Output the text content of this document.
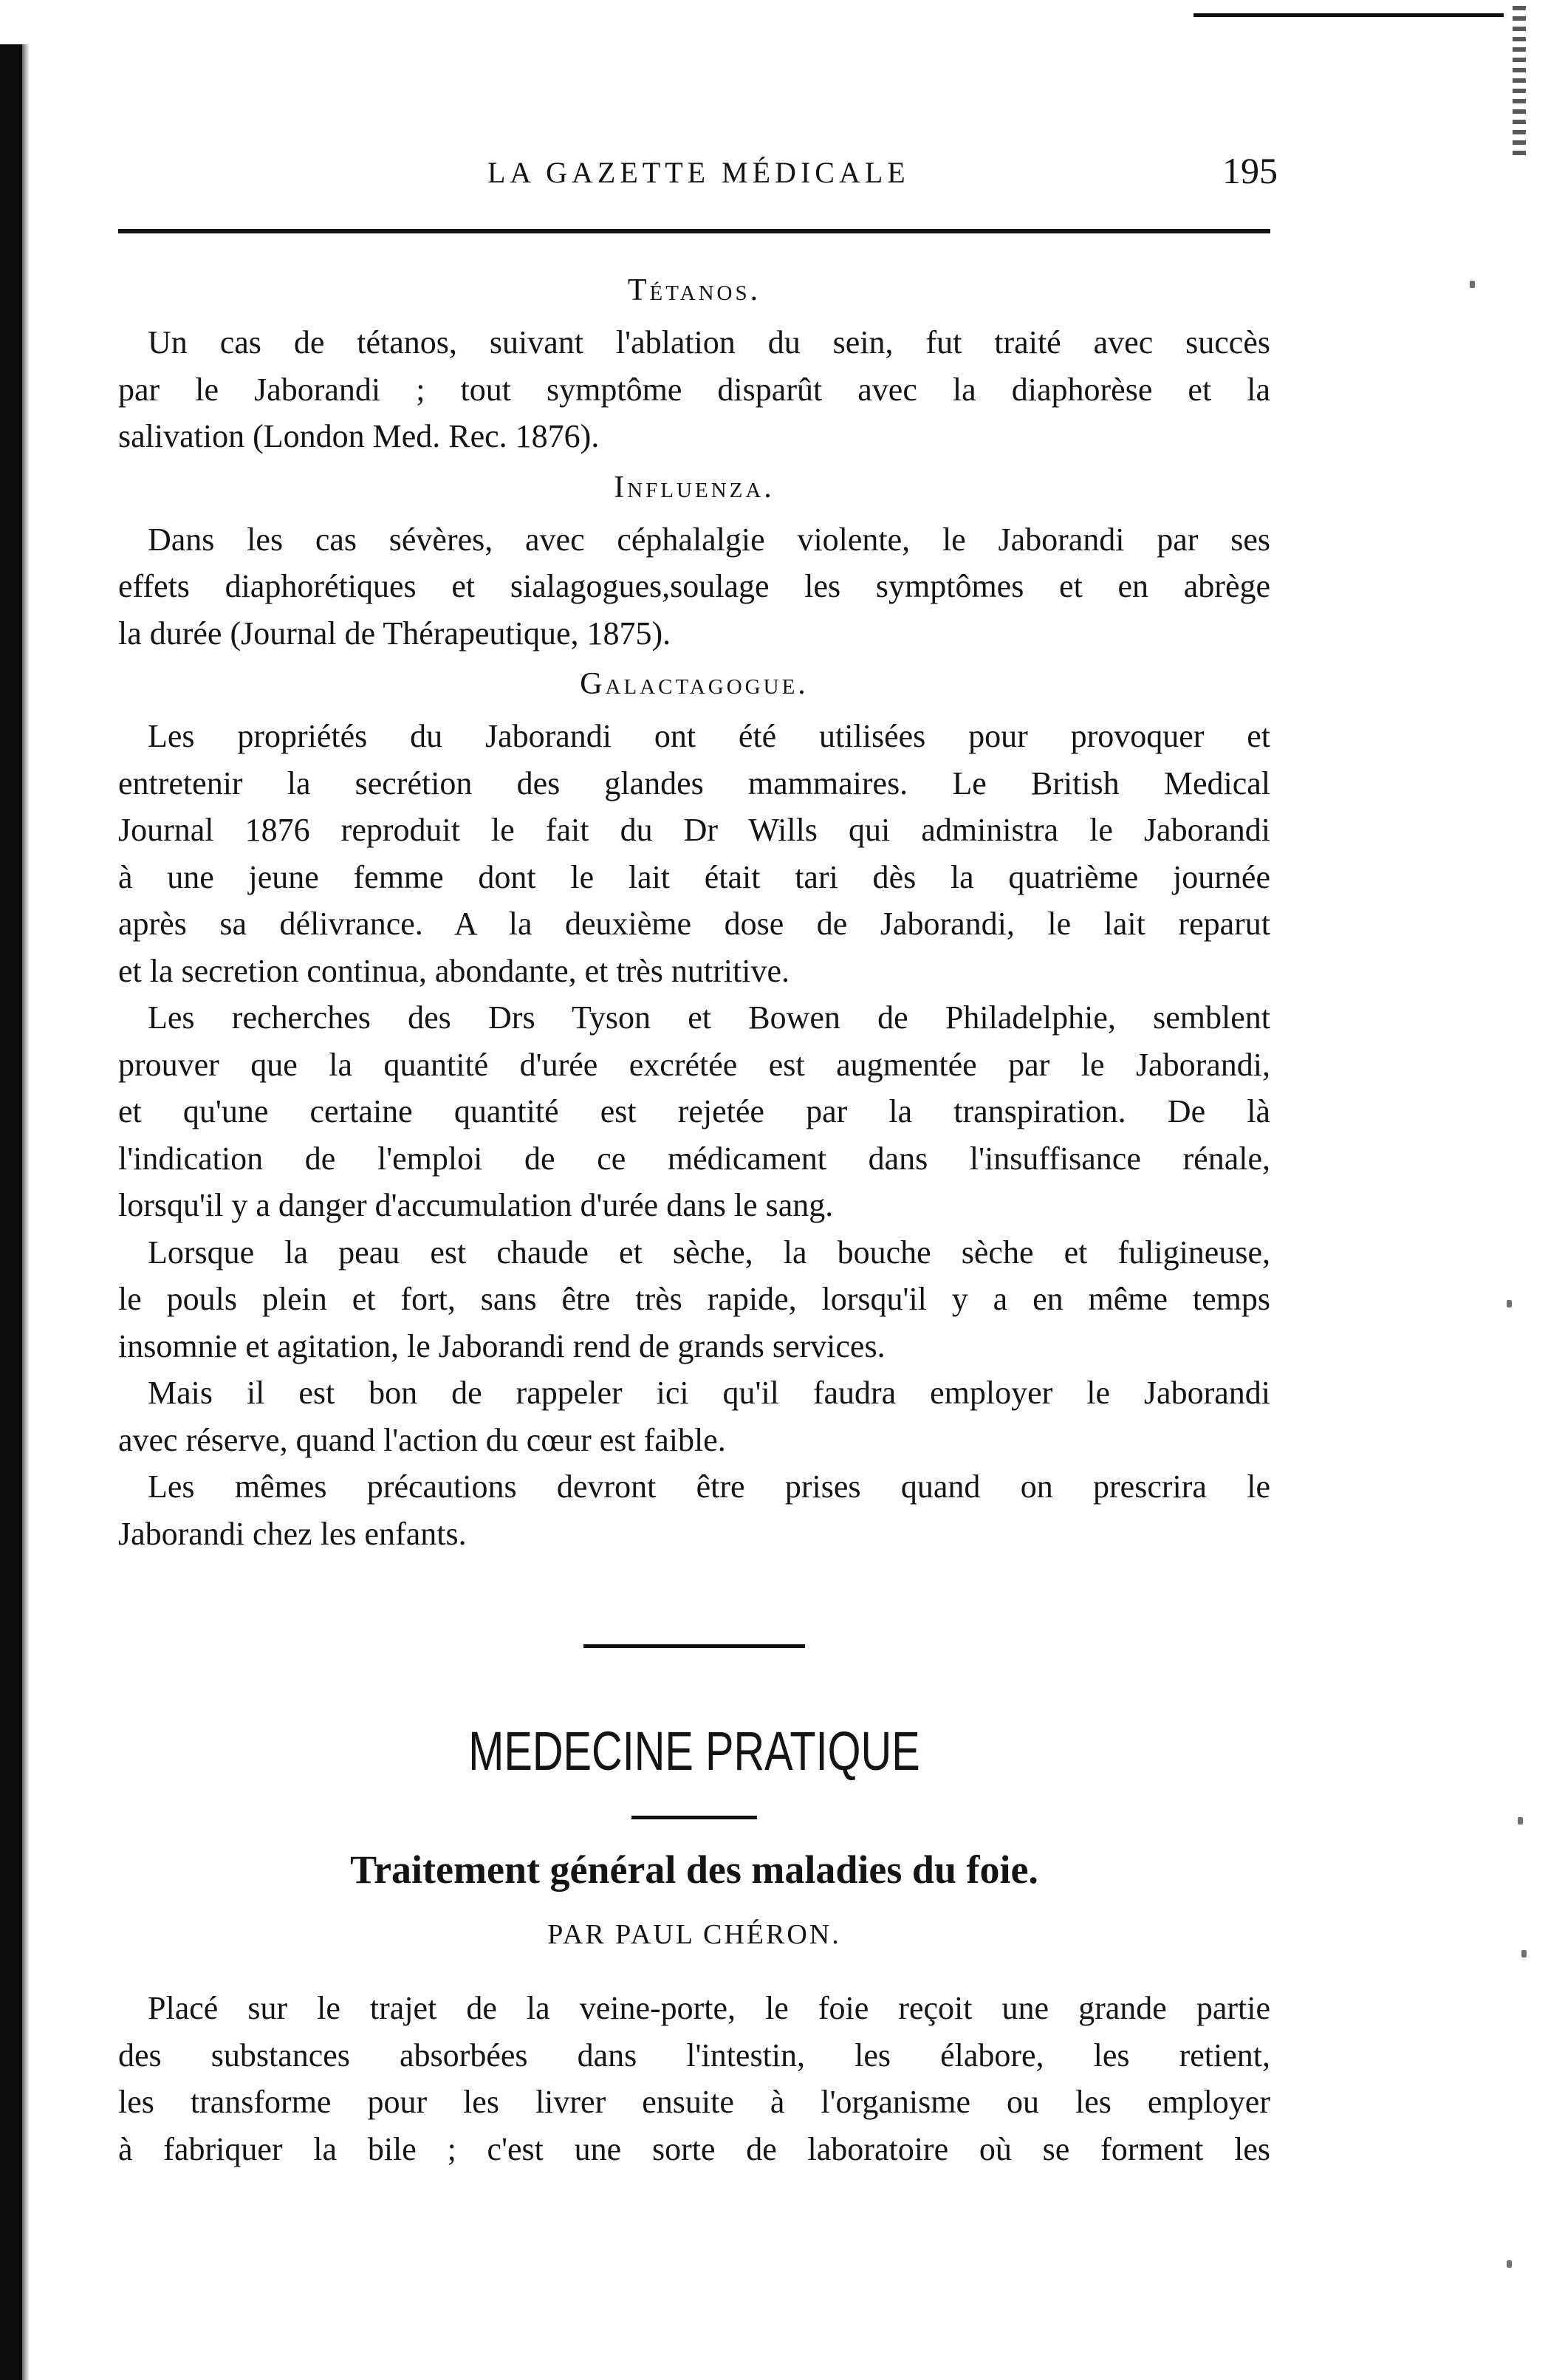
LA GAZETTE MÉDICALE	195
Tétanos.
Un cas de tétanos, suivant l'ablation du sein, fut traité avec succès
par le Jaborandi ; tout symptôme disparût avec la diaphorèse et la
salivation (London Med. Rec. 1876).
Influenza.
Dans les cas sévères, avec céphalalgie violente, le Jaborandi par ses
effets diaphorétiques et sialagogues,soulage les symptômes et en abrège
la durée (Journal de Thérapeutique, 1875).
Galactagogue.
Les propriétés du Jaborandi ont été utilisées pour provoquer et
entretenir la secrétion des glandes mammaires. Le British Medical
Journal 1876 reproduit le fait du Dr Wills qui administra le Jaborandi
à une jeune femme dont le lait était tari dès la quatrième journée
après sa délivrance. A la deuxième dose de Jaborandi, le lait reparut
et la secretion continua, abondante, et très nutritive.
Les recherches des Drs Tyson et Bowen de Philadelphie, semblent
prouver que la quantité d'urée excrétée est augmentée par le Jaborandi,
et qu'une certaine quantité est rejetée par la transpiration. De là
l'indication de l'emploi de ce médicament dans l'insuffisance rénale,
lorsqu'il y a danger d'accumulation d'urée dans le sang.
Lorsque la peau est chaude et sèche, la bouche sèche et fuligineuse,
le pouls plein et fort, sans être très rapide, lorsqu'il y a en même temps
insomnie et agitation, le Jaborandi rend de grands services.
Mais il est bon de rappeler ici qu'il faudra employer le Jaborandi
avec réserve, quand l'action du cœur est faible.
Les mêmes précautions devront être prises quand on prescrira le
Jaborandi chez les enfants.
MEDECINE PRATIQUE
Traitement général des maladies du foie.
PAR PAUL CHÉRON.
Placé sur le trajet de la veine-porte, le foie reçoit une grande partie
des substances absorbées dans l'intestin, les élabore, les retient,
les transforme pour les livrer ensuite à l'organisme ou les employer
à fabriquer la bile ; c'est une sorte de laboratoire où se forment les
